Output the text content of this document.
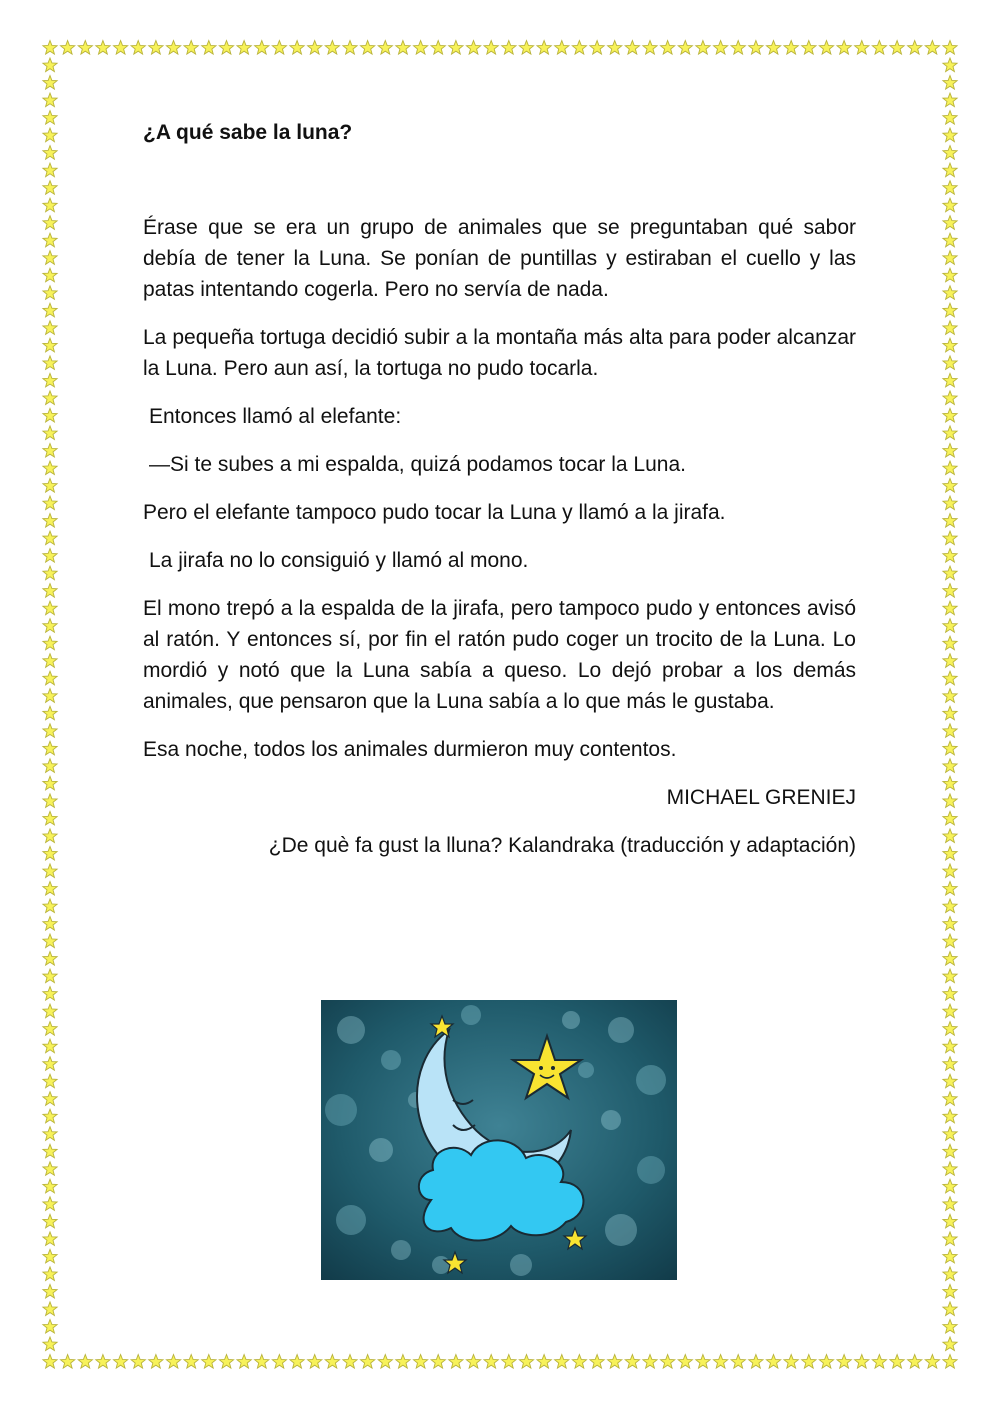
¿A qué sabe la luna?

Érase que se era un grupo de animales que se preguntaban qué sabor debía de tener la Luna. Se ponían de puntillas y estiraban el cuello y las patas intentando cogerla. Pero no servía de nada.

La pequeña tortuga decidió subir a la montaña más alta para poder alcanzar la Luna. Pero aun así, la tortuga no pudo tocarla.

Entonces llamó al elefante:

—Si te subes a mi espalda, quizá podamos tocar la Luna.

Pero el elefante tampoco pudo tocar la Luna y llamó a la jirafa.

La jirafa no lo consiguió y llamó al mono.

El mono trepó a la espalda de la jirafa, pero tampoco pudo y entonces avisó al ratón. Y entonces sí, por fin el ratón pudo coger un trocito de la Luna. Lo mordió y notó que la Luna sabía a queso. Lo dejó probar a los demás animales, que pensaron que la Luna sabía a lo que más le gustaba.

Esa noche, todos los animales durmieron muy contentos.

MICHAEL GRENIEJ
¿De què fa gust la lluna? Kalandraka (traducción y adaptación)
